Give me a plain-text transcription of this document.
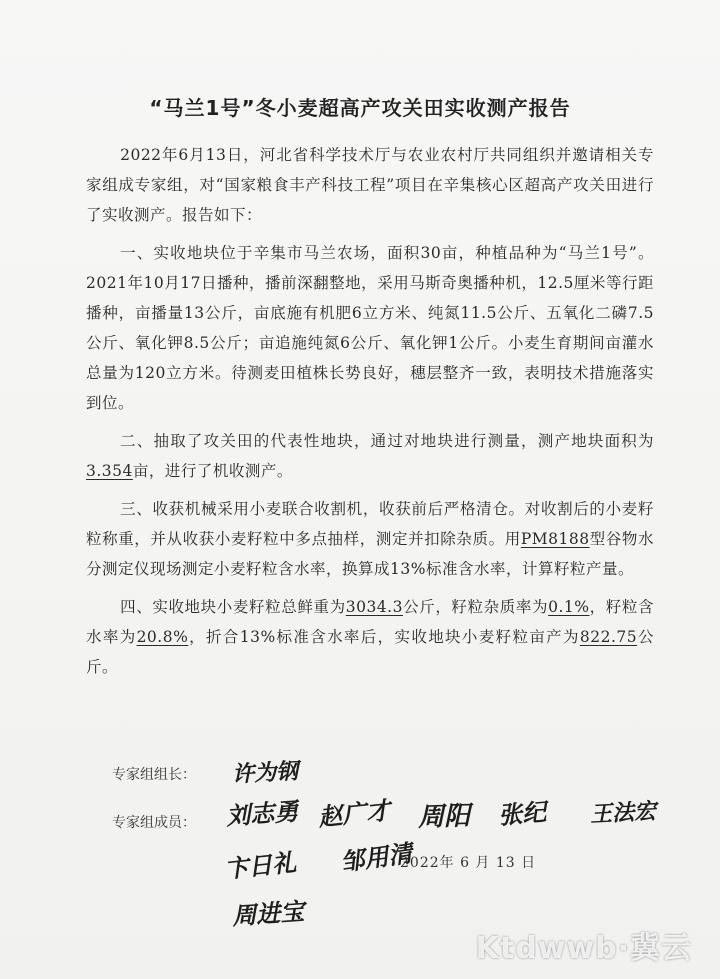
“马兰1号”冬小麦超高产攻关田实收测产报告

2022年6月13日，河北省科学技术厅与农业农村厅共同组织并邀请相关专家组成专家组，对“国家粮食丰产科技工程”项目在辛集核心区超高产攻关田进行了实收测产。报告如下：

一、实收地块位于辛集市马兰农场，面积30亩，种植品种为“马兰1号”。2021年10月17日播种，播前深翻整地，采用马斯奇奥播种机，12.5厘米等行距播种，亩播量13公斤，亩底施有机肥6立方米、纯氮11.5公斤、五氧化二磷7.5公斤、氧化钾8.5公斤；亩追施纯氮6公斤、氧化钾1公斤。小麦生育期间亩灌水总量为120立方米。待测麦田植株长势良好，穗层整齐一致，表明技术措施落实到位。

二、抽取了攻关田的代表性地块，通过对地块进行测量，测产地块面积为3.354亩，进行了机收测产。

三、收获机械采用小麦联合收割机，收获前后严格清仓。对收割后的小麦籽粒称重，并从收获小麦籽粒中多点抽样，测定并扣除杂质。用PM8188型谷物水分测定仪现场测定小麦籽粒含水率，换算成13%标准含水率，计算籽粒产量。

四、实收地块小麦籽粒总鲜重为3034.3公斤，籽粒杂质率为0.1%，籽粒含水率为20.8%，折合13%标准含水率后，实收地块小麦籽粒亩产为822.75公斤。

专家组组长： 许为钢
专家组成员： 刘志勇 赵广才 周阳 张纪 王法宏
卞日礼 邹用清
2022年 6 月 13 日
周进宝
Ktdwwb·冀云
